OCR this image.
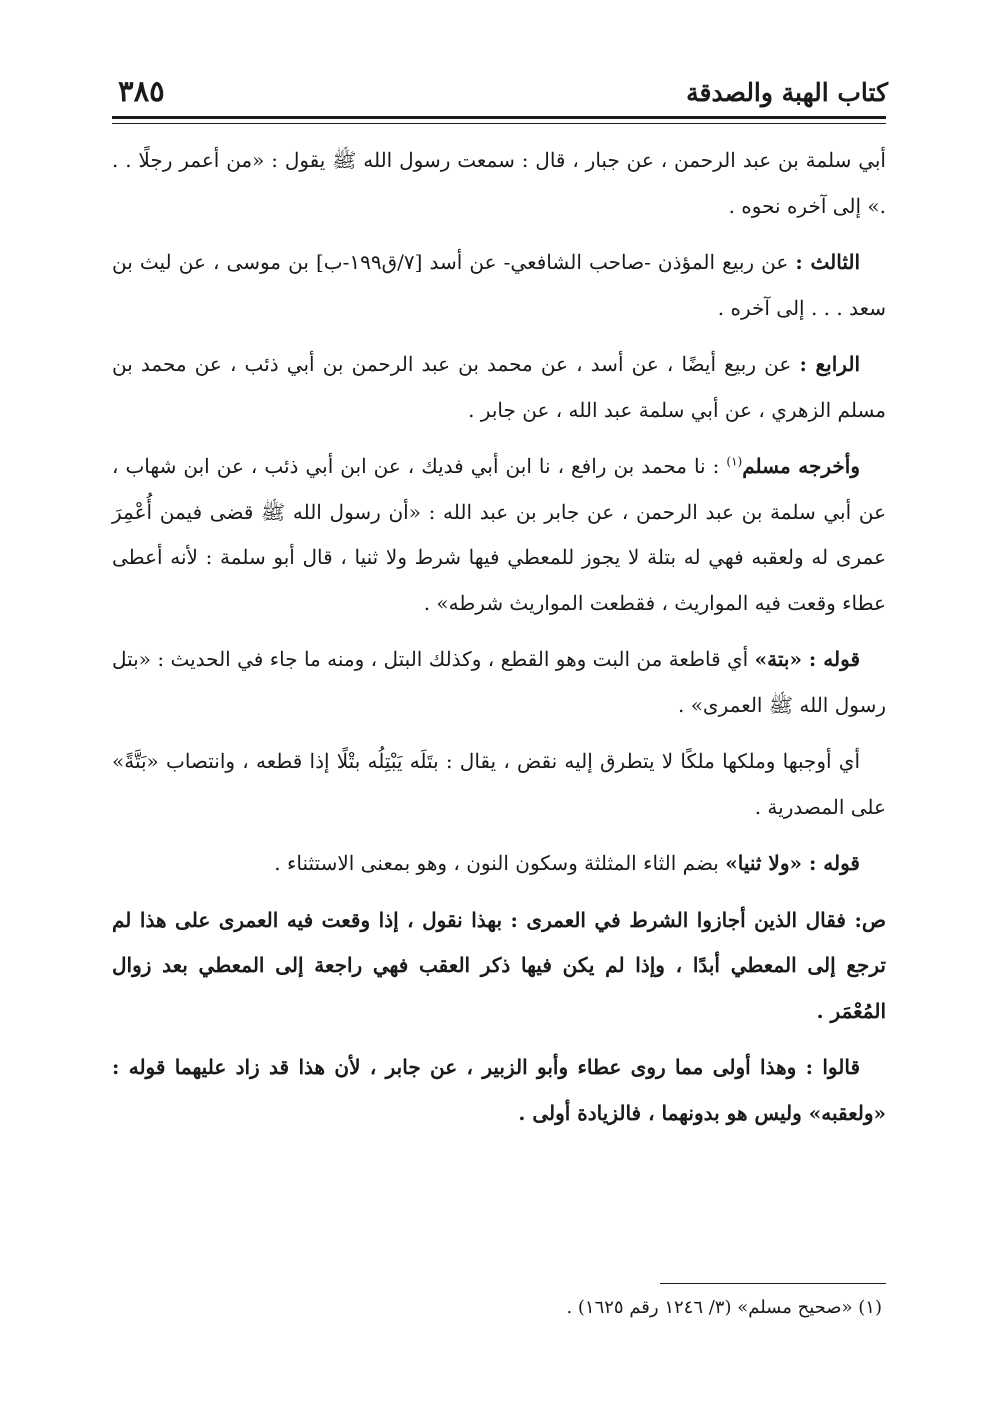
كتاب الهبة والصدقة
٣٨٥

أبي سلمة بن عبد الرحمن ، عن جبار ، قال : سمعت رسول الله ﷺ يقول : «من أعمر رجلًا . . .» إلى آخره نحوه .

الثالث : عن ربيع المؤذن -صاحب الشافعي- عن أسد [٧/ق١٩٩-ب] بن موسى ، عن ليث بن سعد . . . إلى آخره .

الرابع : عن ربيع أيضًا ، عن أسد ، عن محمد بن عبد الرحمن بن أبي ذئب ، عن محمد بن مسلم الزهري ، عن أبي سلمة عبد الله ، عن جابر .

وأخرجه مسلم$^{(١)}$ : نا محمد بن رافع ، نا ابن أبي فديك ، عن ابن أبي ذئب ، عن ابن شهاب ، عن أبي سلمة بن عبد الرحمن ، عن جابر بن عبد الله : «أن رسول الله ﷺ قضى فيمن أُعْمِرَ عمرى له ولعقبه فهي له بتلة لا يجوز للمعطي فيها شرط ولا ثنيا ، قال أبو سلمة : لأنه أعطى عطاء وقعت فيه المواريث ، فقطعت المواريث شرطه» .

قوله : «بتة» أي قاطعة من البت وهو القطع ، وكذلك البتل ، ومنه ما جاء في الحديث : «بتل رسول الله ﷺ العمرى» .

أي أوجبها وملكها ملكًا لا يتطرق إليه نقض ، يقال : بتَلَه يَبْتِلُه بتْلًا إذا قطعه ، وانتصاب «بَتَّةً» على المصدرية .

قوله : «ولا ثنيا» بضم الثاء المثلثة وسكون النون ، وهو بمعنى الاستثناء .

ص: فقال الذين أجازوا الشرط في العمرى : بهذا نقول ، إذا وقعت فيه العمرى على هذا لم ترجع إلى المعطي أبدًا ، وإذا لم يكن فيها ذكر العقب فهي راجعة إلى المعطي بعد زوال المُعْمَر .

قالوا : وهذا أولى مما روى عطاء وأبو الزبير ، عن جابر ، لأن هذا قد زاد عليهما قوله : «ولعقبه» وليس هو بدونهما ، فالزيادة أولى .

(١) «صحيح مسلم» (٣/ ١٢٤٦ رقم ١٦٢٥) .
